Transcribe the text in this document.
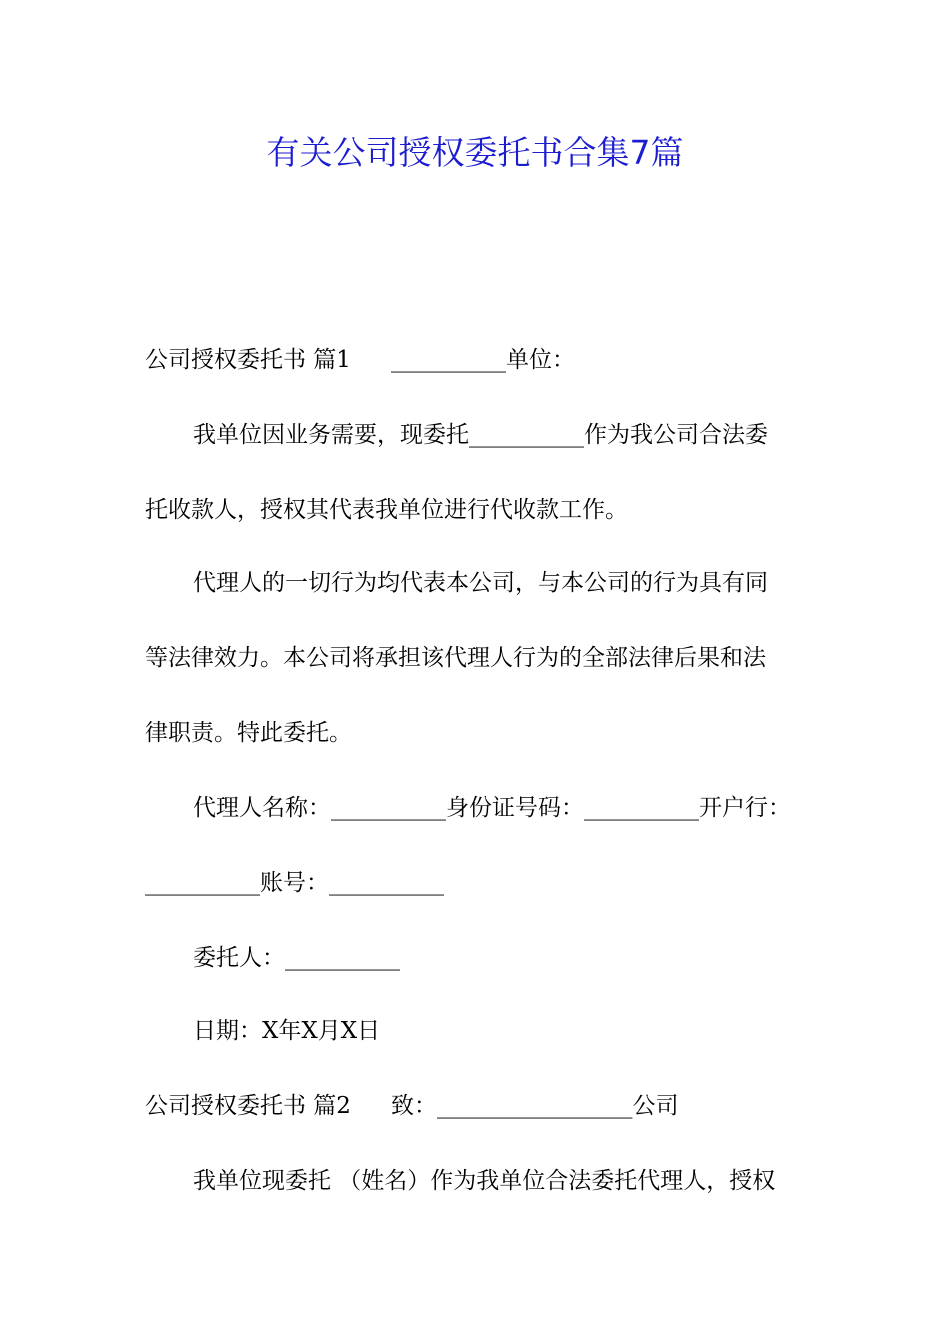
有关公司授权委托书合集7篇

公司授权委托书 篇1 __________单位：

我单位因业务需要，现委托__________作为我公司合法委

托收款人，授权其代表我单位进行代收款工作。

代理人的一切行为均代表本公司，与本公司的行为具有同

等法律效力。本公司将承担该代理人行为的全部法律后果和法

律职责。特此委托。

代理人名称：__________身份证号码：__________开户行：

__________账号：__________

委托人：__________

日期：X年X月X日

公司授权委托书 篇2 致：_________________公司

我单位现委托 （姓名）作为我单位合法委托代理人，授权
